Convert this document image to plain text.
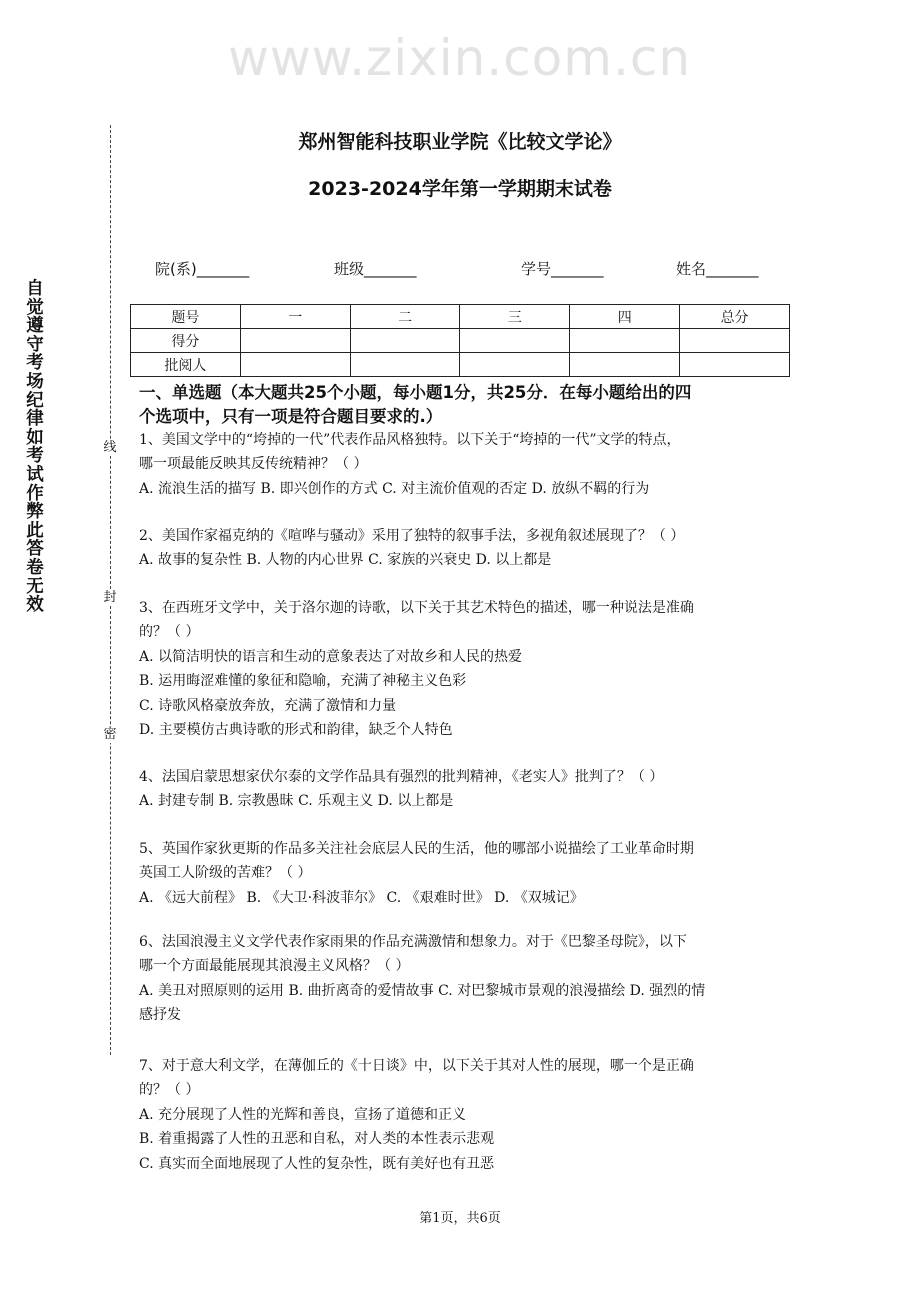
www.zixin.com.cn
自觉遵守考场纪律如考试作弊此答卷无效
线
封
密
郑州智能科技职业学院《比较文学论》
2023-2024学年第一学期期末试卷
院(系)_______	班级_______	学号_______	姓名_______
题号	一	二	三	四	总分
得分					
批阅人					
一、单选题（本大题共25个小题，每小题1分，共25分．在每小题给出的四
个选项中，只有一项是符合题目要求的.）
1、美国文学中的“垮掉的一代”代表作品风格独特。以下关于“垮掉的一代”文学的特点，
哪一项最能反映其反传统精神？（ ）
A. 流浪生活的描写 B. 即兴创作的方式 C. 对主流价值观的否定 D. 放纵不羁的行为
2、美国作家福克纳的《喧哗与骚动》采用了独特的叙事手法，多视角叙述展现了？（ ）
A. 故事的复杂性 B. 人物的内心世界 C. 家族的兴衰史 D. 以上都是
3、在西班牙文学中，关于洛尔迦的诗歌，以下关于其艺术特色的描述，哪一种说法是准确
的？（ ）
A. 以简洁明快的语言和生动的意象表达了对故乡和人民的热爱
B. 运用晦涩难懂的象征和隐喻，充满了神秘主义色彩
C. 诗歌风格豪放奔放，充满了激情和力量
D. 主要模仿古典诗歌的形式和韵律，缺乏个人特色
4、法国启蒙思想家伏尔泰的文学作品具有强烈的批判精神，《老实人》批判了？（ ）
A. 封建专制 B. 宗教愚昧 C. 乐观主义 D. 以上都是
5、英国作家狄更斯的作品多关注社会底层人民的生活，他的哪部小说描绘了工业革命时期
英国工人阶级的苦难？（ ）
A. 《远大前程》 B. 《大卫·科波菲尔》 C. 《艰难时世》 D. 《双城记》
6、法国浪漫主义文学代表作家雨果的作品充满激情和想象力。对于《巴黎圣母院》，以下
哪一个方面最能展现其浪漫主义风格？（ ）
A. 美丑对照原则的运用 B. 曲折离奇的爱情故事 C. 对巴黎城市景观的浪漫描绘 D. 强烈的情
感抒发
7、对于意大利文学，在薄伽丘的《十日谈》中，以下关于其对人性的展现，哪一个是正确
的？（ ）
A. 充分展现了人性的光辉和善良，宣扬了道德和正义
B. 着重揭露了人性的丑恶和自私，对人类的本性表示悲观
C. 真实而全面地展现了人性的复杂性，既有美好也有丑恶
第1页，共6页
